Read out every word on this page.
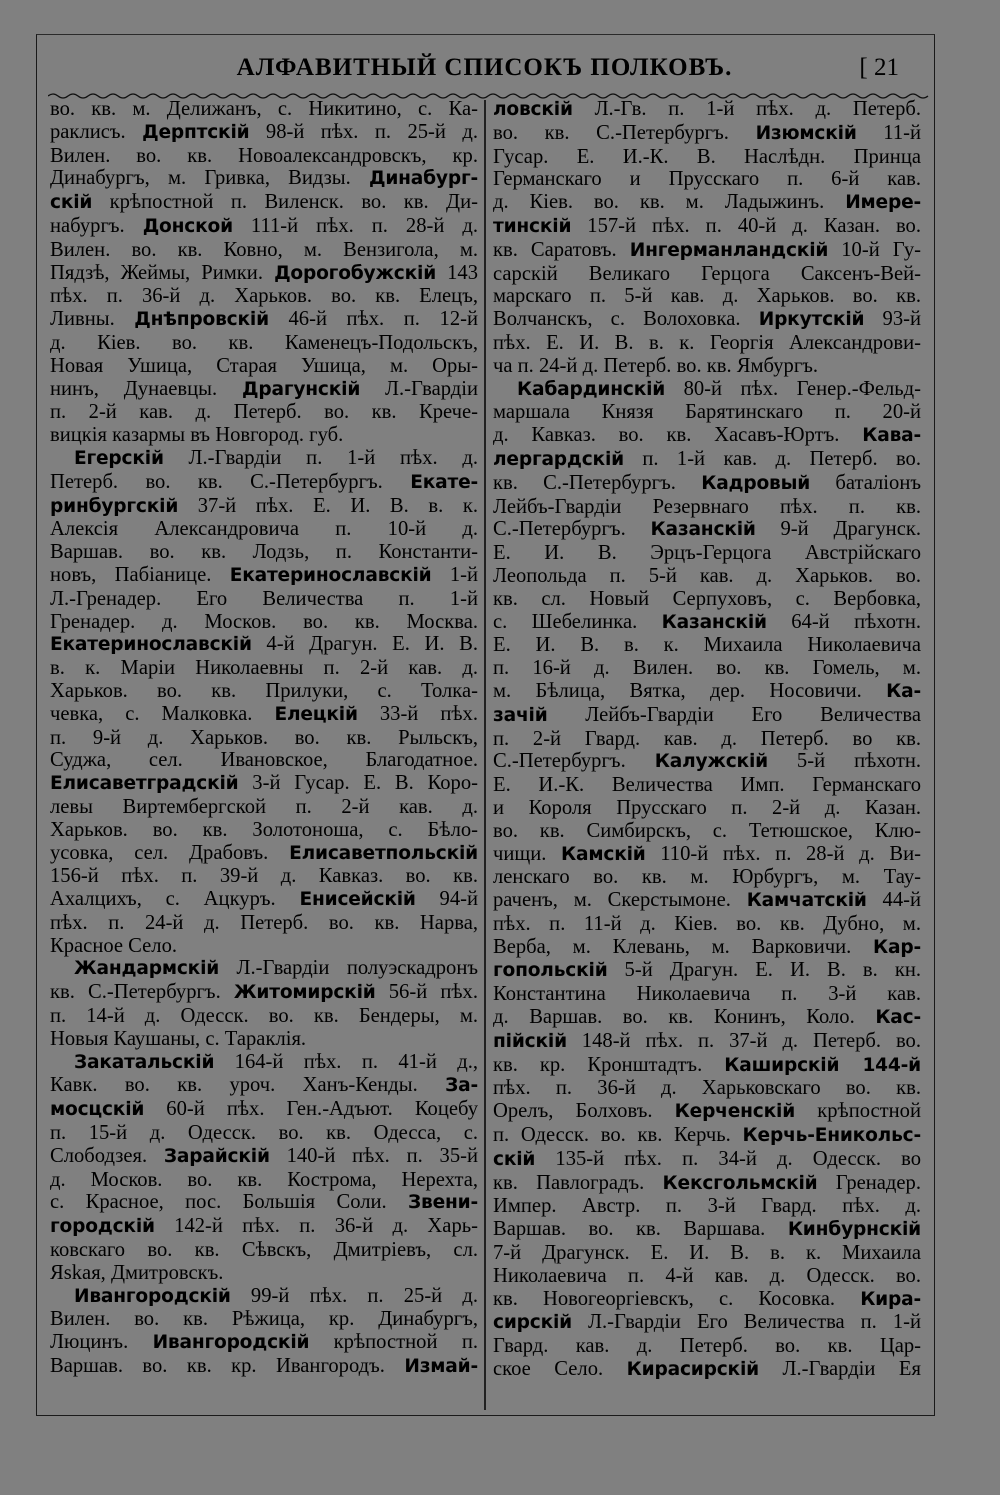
АЛФАВИТНЫЙ СПИСОКЪ ПОЛКОВЪ.	[ 21
во. кв. м. Делижанъ, с. Никитино, с. Ка-
раклисъ. Дерптскій 98-й пѣх. п. 25-й д.
Вилен. во. кв. Новоалександровскъ, кр.
Динабургъ, м. Гривка, Видзы. Динабург-
скій крѣпостной п. Виленск. во. кв. Ди-
набургъ. Донской 111-й пѣх. п. 28-й д.
Вилен. во. кв. Ковно, м. Вензигола, м.
Пядзѣ, Жеймы, Римки. Дорогобужскій 143
пѣх. п. 36-й д. Харьков. во. кв. Елецъ,
Ливны. Днѣпровскій 46-й пѣх. п. 12-й
д. Кіев. во. кв. Каменецъ-Подольскъ,
Новая Ушица, Старая Ушица, м. Оры-
нинъ, Дунаевцы. Драгунскій Л.-Гвардіи
п. 2-й кав. д. Петерб. во. кв. Крече-
вицкія казармы въ Новгород. губ.
Егерскій Л.-Гвардіи п. 1-й пѣх. д.
Петерб. во. кв. С.-Петербургъ. Екате-
ринбургскій 37-й пѣх. Е. И. В. в. к.
Алексія Александровича п. 10-й д.
Варшав. во. кв. Лодзь, п. Константи-
новъ, Пабіанице. Екатеринославскій 1-й
Л.-Гренадер. Его Величества п. 1-й
Гренадер. д. Москов. во. кв. Москва.
Екатеринославскій 4-й Драгун. Е. И. В.
в. к. Маріи Николаевны п. 2-й кав. д.
Харьков. во. кв. Прилуки, с. Толка-
чевка, с. Малковка. Елецкій 33-й пѣх.
п. 9-й д. Харьков. во. кв. Рыльскъ,
Суджа, сел. Ивановское, Благодатное.
Елисаветградскій 3-й Гусар. Е. В. Коро-
левы Виртембергской п. 2-й кав. д.
Харьков. во. кв. Золотоноша, с. Бѣло-
усовка, сел. Драбовъ. Елисаветпольскій
156-й пѣх. п. 39-й д. Кавказ. во. кв.
Ахалцихъ, с. Ацкуръ. Енисейскій 94-й
пѣх. п. 24-й д. Петерб. во. кв. Нарва,
Красное Село.
Жандармскій Л.-Гвардіи полуэскадронъ
кв. С.-Петербургъ. Житомирскій 56-й пѣх.
п. 14-й д. Одесск. во. кв. Бендеры, м.
Новыя Каушаны, с. Тараклія.
Закатальскій 164-й пѣх. п. 41-й д.,
Кавк. во. кв. уроч. Ханъ-Кенды. За-
мосцскій 60-й пѣх. Ген.-Адъют. Коцебу
п. 15-й д. Одесск. во. кв. Одесса, с.
Слободзея. Зарайскій 140-й пѣх. п. 35-й
д. Москов. во. кв. Кострома, Нерехта,
с. Красное, пос. Большія Соли. Звени-
городскій 142-й пѣх. п. 36-й д. Харь-
ковскаго во. кв. Сѣвскъ, Дмитріевъ, сл.
Яskaя, Дмитровскъ.
Ивангородскій 99-й пѣх. п. 25-й д.
Вилен. во. кв. Рѣжица, кр. Динабургъ,
Люцинъ. Ивангородскій крѣпостной п.
Варшав. во. кв. кр. Ивангородъ. Измай-
ловскій Л.-Гв. п. 1-й пѣх. д. Петерб.
во. кв. С.-Петербургъ. Изюмскій 11-й
Гусар. Е. И.-К. В. Наслѣдн. Принца
Германскаго и Прусскаго п. 6-й кав.
д. Кіев. во. кв. м. Ладыжинъ. Имере-
тинскій 157-й пѣх. п. 40-й д. Казан. во.
кв. Саратовъ. Ингерманландскій 10-й Гу-
сарскій Великаго Герцога Саксенъ-Вей-
марскаго п. 5-й кав. д. Харьков. во. кв.
Волчанскъ, с. Волоховка. Иркутскій 93-й
пѣх. Е. И. В. в. к. Георгія Александрови-
ча п. 24-й д. Петерб. во. кв. Ямбургъ.
Кабардинскій 80-й пѣх. Генер.-Фельд-
маршала Князя Барятинскаго п. 20-й
д. Кавказ. во. кв. Хасавъ-Юртъ. Кава-
лергардскій п. 1-й кав. д. Петерб. во.
кв. С.-Петербургъ. Кадровый баталіонъ
Лейбъ-Гвардіи Резервнаго пѣх. п. кв.
С.-Петербургъ. Казанскій 9-й Драгунск.
Е. И. В. Эрцъ-Герцога Австрійскаго
Леопольда п. 5-й кав. д. Харьков. во.
кв. сл. Новый Серпуховъ, с. Вербовка,
с. Шебелинка. Казанскій 64-й пѣхотн.
Е. И. В. в. к. Михаила Николаевича
п. 16-й д. Вилен. во. кв. Гомель, м.
м. Бѣлица, Вятка, дер. Носовичи. Ка-
зачій Лейбъ-Гвардіи Его Величества
п. 2-й Гвард. кав. д. Петерб. во кв.
С.-Петербургъ. Калужскій 5-й пѣхотн.
Е. И.-К. Величества Имп. Германскаго
и Короля Прусскаго п. 2-й д. Казан.
во. кв. Симбирскъ, с. Тетюшское, Клю-
чищи. Камскій 110-й пѣх. п. 28-й д. Ви-
ленскаго во. кв. м. Юрбургъ, м. Тау-
раченъ, м. Скерстымоне. Камчатскій 44-й
пѣх. п. 11-й д. Кіев. во. кв. Дубно, м.
Верба, м. Клевань, м. Варковичи. Кар-
гопольскій 5-й Драгун. Е. И. В. в. кн.
Константина Николаевича п. 3-й кав.
д. Варшав. во. кв. Конинъ, Коло. Кас-
пійскій 148-й пѣх. п. 37-й д. Петерб. во.
кв. кр. Кронштадтъ. Каширскій 144-й
пѣх. п. 36-й д. Харьковскаго во. кв.
Орелъ, Болховъ. Керченскій крѣпостной
п. Одесск. во. кв. Керчь. Керчь-Еникольс-
скій 135-й пѣх. п. 34-й д. Одесск. во
кв. Павлоградъ. Кексгольмскій Гренадер.
Импер. Австр. п. 3-й Гвард. пѣх. д.
Варшав. во. кв. Варшава. Кинбурнскій
7-й Драгунск. Е. И. В. в. к. Михаила
Николаевича п. 4-й кав. д. Одесск. во.
кв. Новогеоргіевскъ, с. Косовка. Кира-
сирскій Л.-Гвардіи Его Величества п. 1-й
Гвард. кав. д. Петерб. во. кв. Цар-
ское Село. Кирасирскій Л.-Гвардіи Ея
